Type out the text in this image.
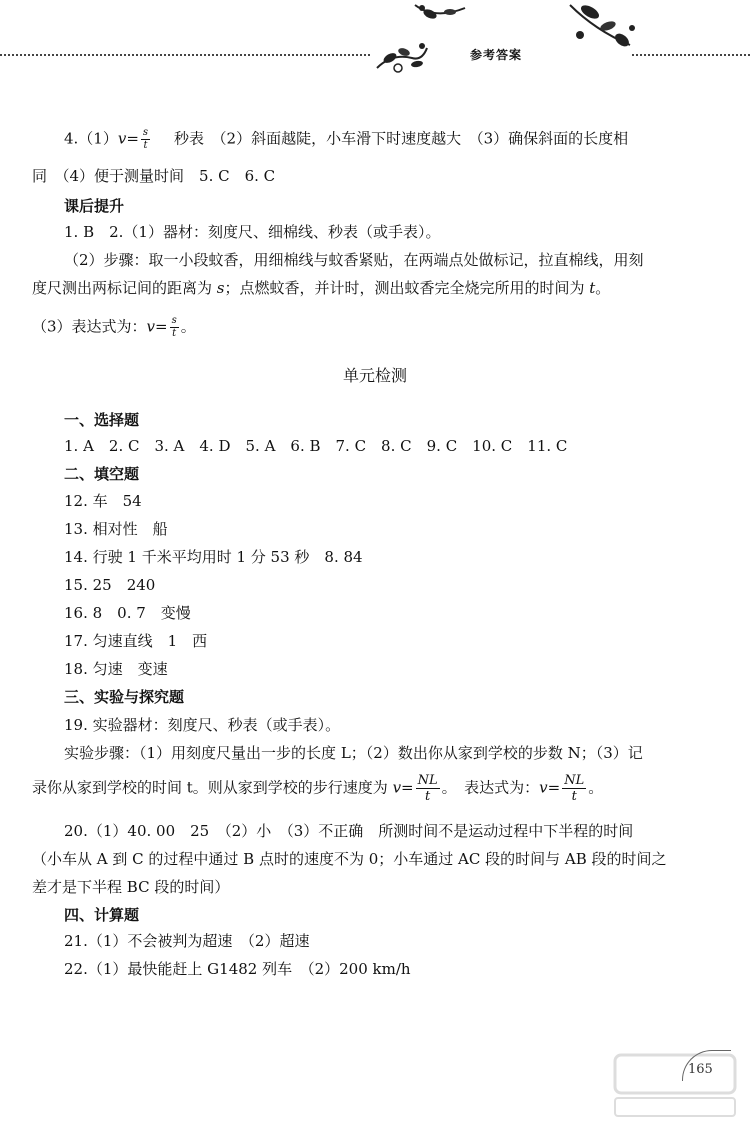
参考答案
$4.(1)v= \frac{s}{t}$ 秒表　（2）斜面越陡，小车滑下时速度越大　（3）确保斜面的长度相
同　（4）便于测量时间　5. C　6. C
课后提升
1. B　2.（1）器材：刻度尺、细棉线、秒表（或手表）。
（2）步骤：取一小段蚊香，用细棉线与蚊香紧贴，在两端点处做标记，拉直棉线，用刻
度尺测出两标记间的距离为 s；点燃蚊香，并计时，测出蚊香完全烧完所用的时间为 t。
（3）表达式为：$v= \frac{s}{t}$ 。
单元检测
一、选择题
1. A　2. C　3. A　4. D　5. A　6. B　7. C　8. C　9. C　10. C　11. C
二、填空题
12. 车　54
13. 相对性　船
14. 行驶 1 千米平均用时 1 分 53 秒　8. 84
15. 25　240
16. 8　0. 7　变慢
17. 匀速直线　1　西
18. 匀速　变速
三、实验与探究题
19. 实验器材：刻度尺、秒表（或手表）。
实验步骤：（1）用刻度尺量出一步的长度 L；（2）数出你从家到学校的步数 N；（3）记
录你从家到学校的时间 t。则从家到学校的步行速度为 $v= \frac{NL}{t}$ 。　表达式为：$v= \frac{NL}{t}$ 。
20.（1）40. 00　25　（2）小　（3）不正确　所测时间不是运动过程中下半程的时间
（小车从 A 到 C 的过程中通过 B 点时的速度不为 0；小车通过 AC 段的时间与 AB 段的时间之
差才是下半程 BC 段的时间）
四、计算题
21.（1）不会被判为超速　（2）超速
22.（1）最快能赶上 G1482 列车　（2）200 km/h
165
